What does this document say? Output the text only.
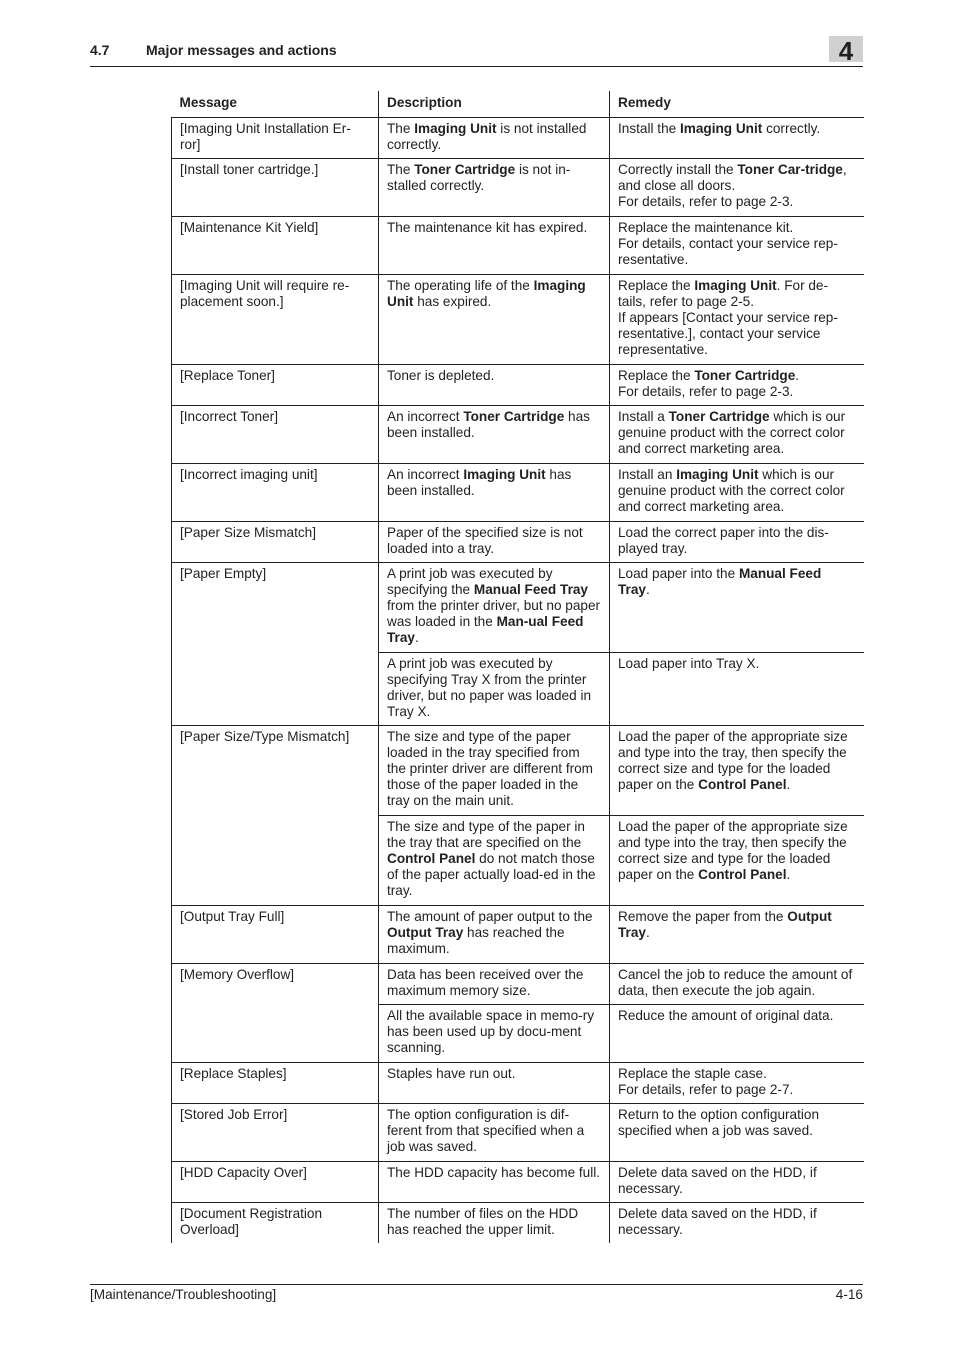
4.7	Major messages and actions	4
Message	Description	Remedy
[Imaging Unit Installation Er-ror]	The Imaging Unit is not installed correctly.	Install the Imaging Unit correctly.
[Install toner cartridge.]	The Toner Cartridge is not in-stalled correctly.	Correctly install the Toner Car-tridge, and close all doors.
For details, refer to page 2-3.
[Maintenance Kit Yield]	The maintenance kit has expired.	Replace the maintenance kit.
For details, contact your service rep-resentative.
[Imaging Unit will require re-placement soon.]	The operating life of the Imaging Unit has expired.	Replace the Imaging Unit. For de-tails, refer to page 2-5.
If appears [Contact your service rep-resentative.], contact your service representative.
[Replace Toner]	Toner is depleted.	Replace the Toner Cartridge.
For details, refer to page 2-3.
[Incorrect Toner]	An incorrect Toner Cartridge has been installed.	Install a Toner Cartridge which is our genuine product with the correct color and correct marketing area.
[Incorrect imaging unit]	An incorrect Imaging Unit has been installed.	Install an Imaging Unit which is our genuine product with the correct color and correct marketing area.
[Paper Size Mismatch]	Paper of the specified size is not loaded into a tray.	Load the correct paper into the dis-played tray.
[Paper Empty]	A print job was executed by specifying the Manual Feed Tray from the printer driver, but no paper was loaded in the Man-ual Feed Tray.	Load paper into the Manual Feed Tray.
	A print job was executed by specifying Tray X from the printer driver, but no paper was loaded in Tray X.	Load paper into Tray X.
[Paper Size/Type Mismatch]	The size and type of the paper loaded in the tray specified from the printer driver are different from those of the paper loaded in the tray on the main unit.	Load the paper of the appropriate size and type into the tray, then specify the correct size and type for the loaded paper on the Control Panel.
	The size and type of the paper in the tray that are specified on the Control Panel do not match those of the paper actually load-ed in the tray.	Load the paper of the appropriate size and type into the tray, then specify the correct size and type for the loaded paper on the Control Panel.
[Output Tray Full]	The amount of paper output to the Output Tray has reached the maximum.	Remove the paper from the Output Tray.
[Memory Overflow]	Data has been received over the maximum memory size.	Cancel the job to reduce the amount of data, then execute the job again.
	All the available space in memo-ry has been used up by docu-ment scanning.	Reduce the amount of original data.
[Replace Staples]	Staples have run out.	Replace the staple case.
For details, refer to page 2-7.
[Stored Job Error]	The option configuration is dif-ferent from that specified when a job was saved.	Return to the option configuration specified when a job was saved.
[HDD Capacity Over]	The HDD capacity has become full.	Delete data saved on the HDD, if necessary.
[Document Registration Overload]	The number of files on the HDD has reached the upper limit.	Delete data saved on the HDD, if necessary.
[Maintenance/Troubleshooting]	4-16
